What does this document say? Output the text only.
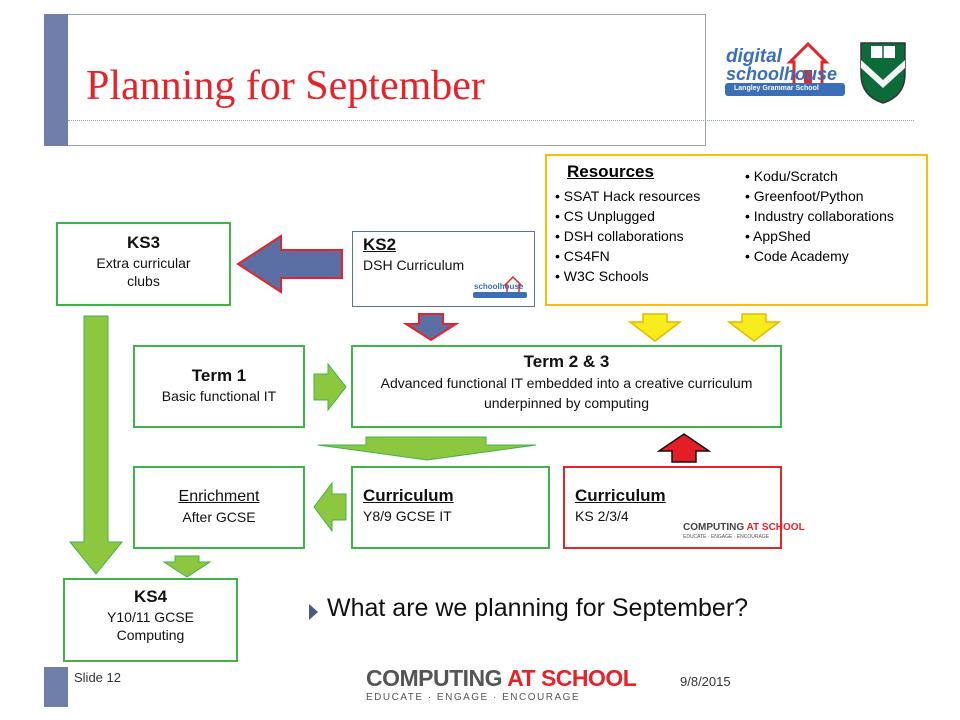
Planning for September
digital
schoolhouse
Langley Grammar School
Resources
• SSAT Hack resources
• CS Unplugged
• DSH collaborations
• CS4FN
• W3C Schools
• Kodu/Scratch
• Greenfoot/Python
• Industry collaborations
• AppShed
• Code Academy
KS3
Extra curricular clubs
KS2
DSH Curriculum
schoolhouse
Term 1
Basic functional IT
Term 2 & 3
Advanced functional IT embedded into a creative curriculum underpinned by computing
Enrichment
After GCSE
Curriculum
Y8/9 GCSE IT
Curriculum
KS 2/3/4
COMPUTING AT SCHOOL
EDUCATE · ENGAGE · ENCOURAGE
KS4
Y10/11 GCSE
Computing
What are we planning for September?
Slide 12	9/8/2015
COMPUTING AT SCHOOL
EDUCATE · ENGAGE · ENCOURAGE
